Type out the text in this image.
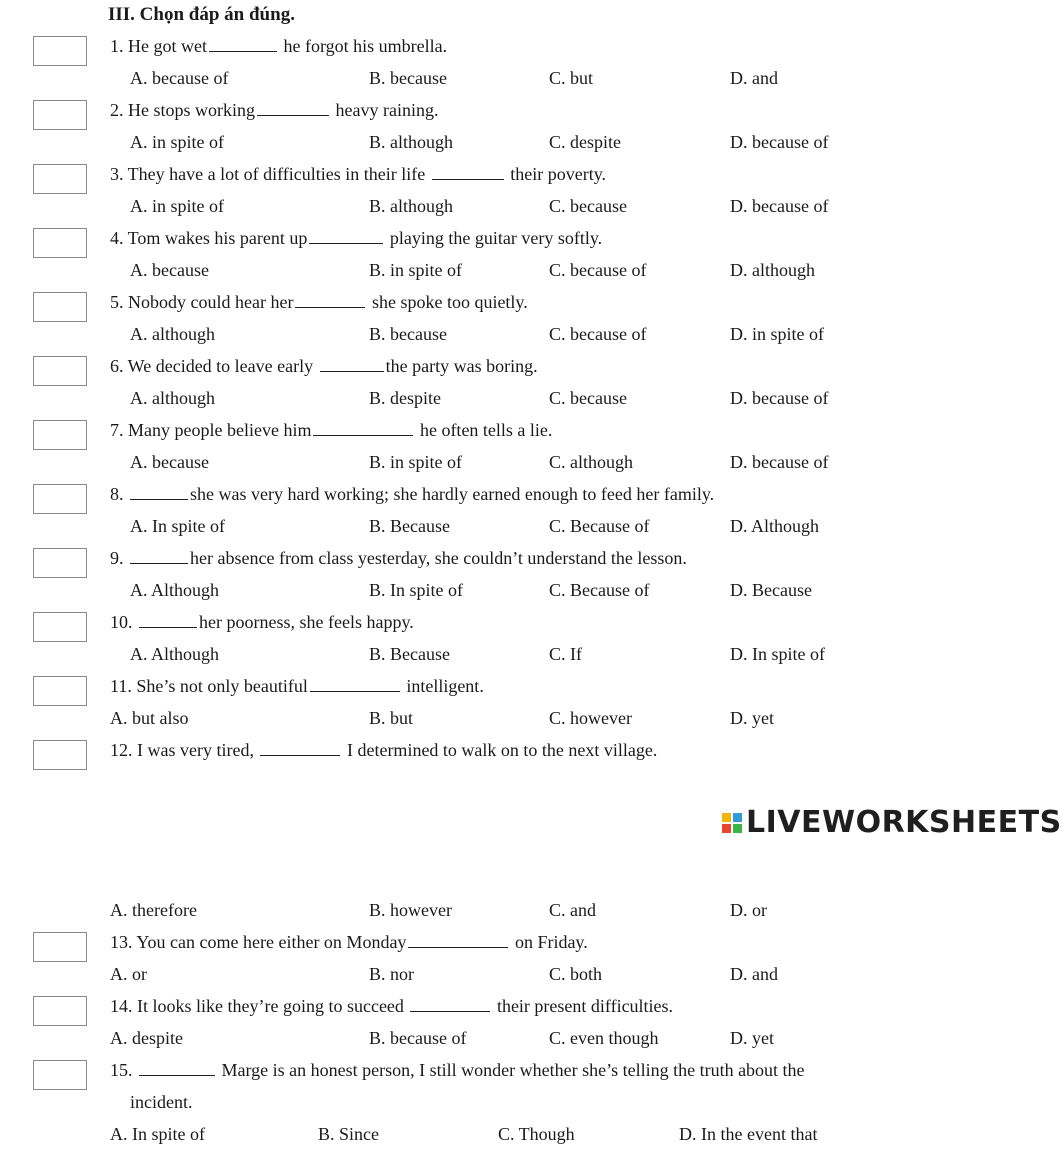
III. Chọn đáp án đúng.
1. He got wet	he forgot his umbrella.
A. because of	B. because	C. but	D. and
2. He stops working	heavy raining.
A. in spite of	B. although	C. despite	D. because of
3. They have a lot of difficulties in their life	their poverty.
A. in spite of	B. although	C. because	D. because of
4. Tom wakes his parent up	playing the guitar very softly.
A. because	B. in spite of	C. because of	D. although
5. Nobody could hear her	she spoke too quietly.
A. although	B. because	C. because of	D. in spite of
6. We decided to leave early	the party was boring.
A. although	B. despite	C. because	D. because of
7. Many people believe him	he often tells a lie.
A. because	B. in spite of	C. although	D. because of
8.	she was very hard working; she hardly earned enough to feed her family.
A. In spite of	B. Because	C. Because of	D. Although
9.	her absence from class yesterday, she couldn’t understand the lesson.
A. Although	B. In spite of	C. Because of	D. Because
10.	her poorness, she feels happy.
A. Although	B. Because	C. If	D. In spite of
11. She’s not only beautiful	intelligent.
A. but also	B. but	C. however	D. yet
12. I was very tired,	I determined to walk on to the next village.
LIVEWORKSHEETS
A. therefore	B. however	C. and	D. or
13. You can come here either on Monday	on Friday.
A. or	B. nor	C. both	D. and
14. It looks like they’re going to succeed	their present difficulties.
A. despite	B. because of	C. even though	D. yet
15.	Marge is an honest person, I still wonder whether she’s telling the truth about the
incident.
A. In spite of	B. Since	C. Though	D. In the event that
